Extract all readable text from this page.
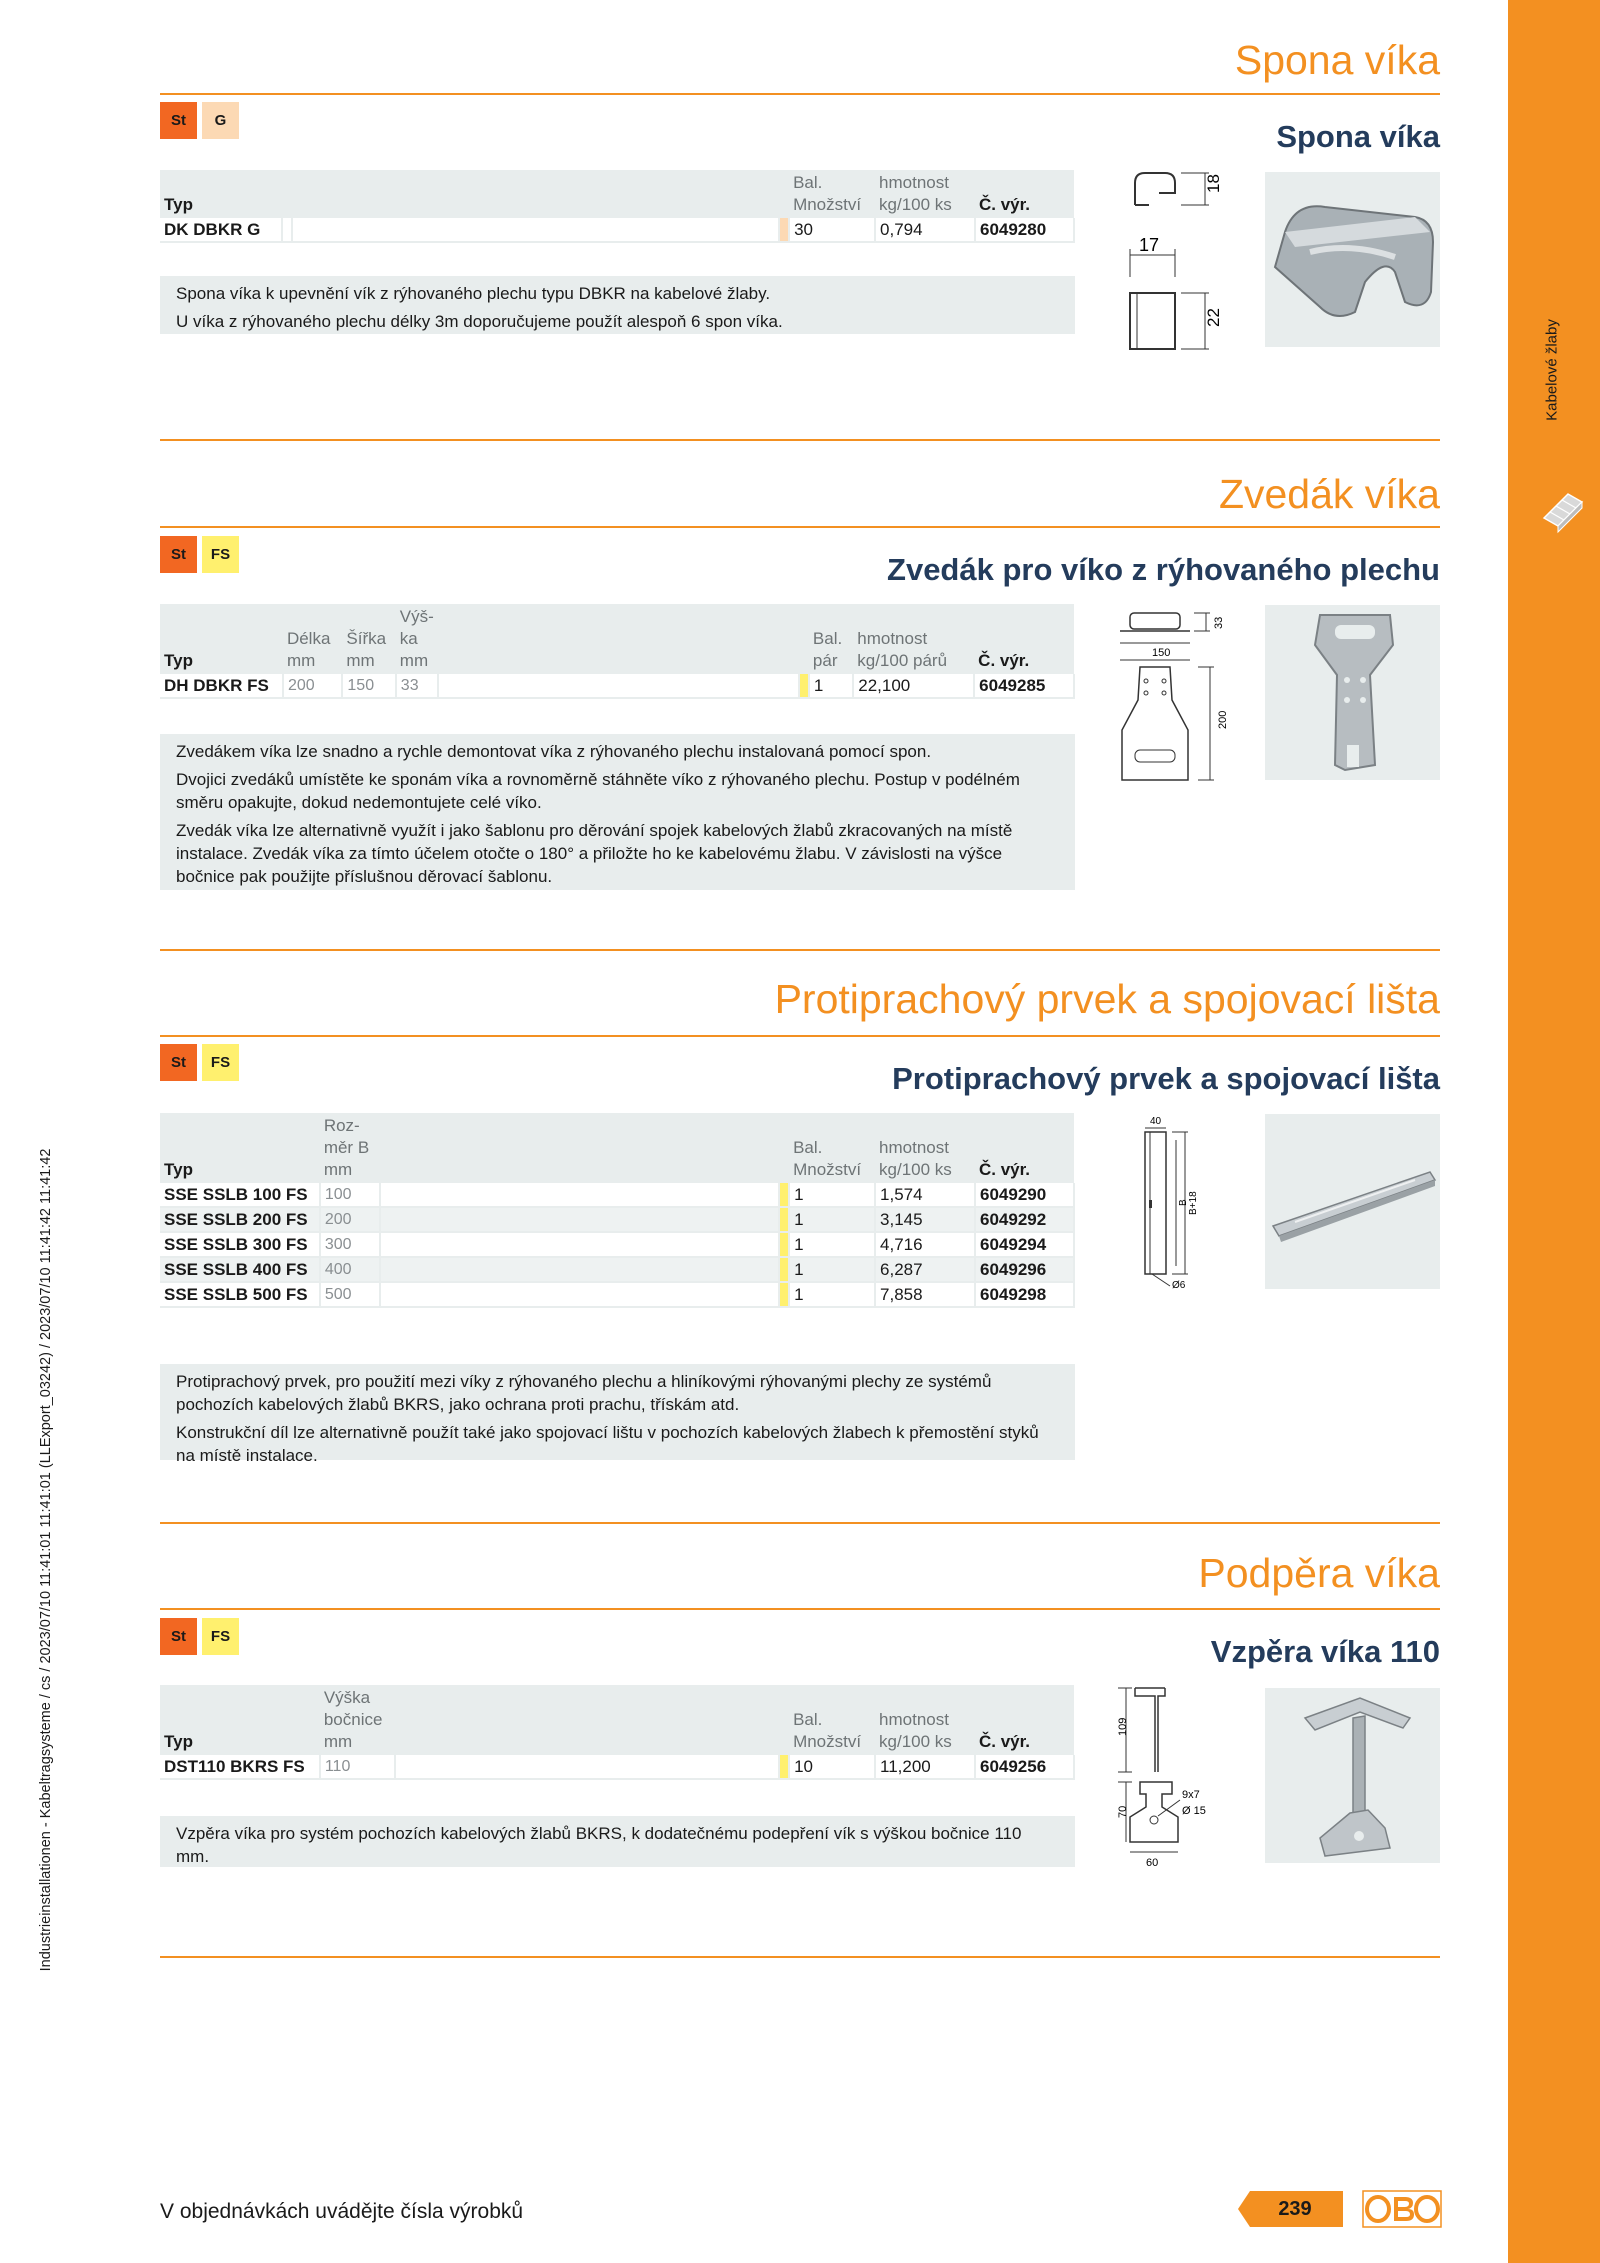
Kabelové žlaby
Industrieinstallationen - Kabeltragsysteme / cs / 2023/07/10 11:41:01 11:41:01 (LLExport_03242) / 2023/07/10 11:41:42 11:41:42
Spona víka
St	G	Spona víka
Typ				Bal. Množství	hmotnost kg/100 ks	Č. výr.
DK DBKR G				30	0,794	6049280

Spona víka k upevnění vík z rýhovaného plechu typu DBKR na kabelové žlaby.

U víka z rýhovaného plechu délky 3m doporučujeme použít alespoň 6 spon víka.

18
17
22
Zvedák víka
St	FS	Zvedák pro víko z rýhovaného plechu
Typ	Délka mm	Šířka mm	Výš- ka mm			Bal. pár	hmotnost kg/100 párů	Č. výr.
DH DBKR FS	200	150	33			1	22,100	6049285

Zvedákem víka lze snadno a rychle demontovat víka z rýhovaného plechu instalovaná pomocí spon.

Dvojici zvedáků umístěte ke sponám víka a rovnoměrně stáhněte víko z rýhovaného plechu. Postup v podélném směru opakujte, dokud nedemontujete celé víko.

Zvedák víka lze alternativně využít i jako šablonu pro děrování spojek kabelových žlabů zkracovaných na místě instalace. Zvedák víka za tímto účelem otočte o 180° a přiložte ho ke kabelovému žlabu. V závislosti na výšce bočnice pak použijte příslušnou děrovací šablonu.

33
150
200
Protiprachový prvek a spojovací lišta
St	FS	Protiprachový prvek a spojovací lišta
Typ	Roz- měr B mm			Bal. Množství	hmotnost kg/100 ks	Č. výr.
SSE SSLB 100 FS	100			1	1,574	6049290
SSE SSLB 200 FS	200			1	3,145	6049292
SSE SSLB 300 FS	300			1	4,716	6049294
SSE SSLB 400 FS	400			1	6,287	6049296
SSE SSLB 500 FS	500			1	7,858	6049298

Protiprachový prvek, pro použití mezi víky z rýhovaného plechu a hliníkovými rýhovanými plechy ze systémů pochozích kabelových žlabů BKRS, jako ochrana proti prachu, třískám atd.

Konstrukční díl lze alternativně použít také jako spojovací lištu v pochozích kabelových žlabech k přemostění styků na místě instalace.

40
B B+18
Ø6
Podpěra víka
St	FS	Vzpěra víka 110
Typ	Výška bočnice mm			Bal. Množství	hmotnost kg/100 ks	Č. výr.
DST110 BKRS FS	110			10	11,200	6049256

Vzpěra víka pro systém pochozích kabelových žlabů BKRS, k dodatečnému podepření vík s výškou bočnice 110 mm.

109
70
60
9x7
Ø 15
V objednávkách uvádějte čísla výrobků	239
